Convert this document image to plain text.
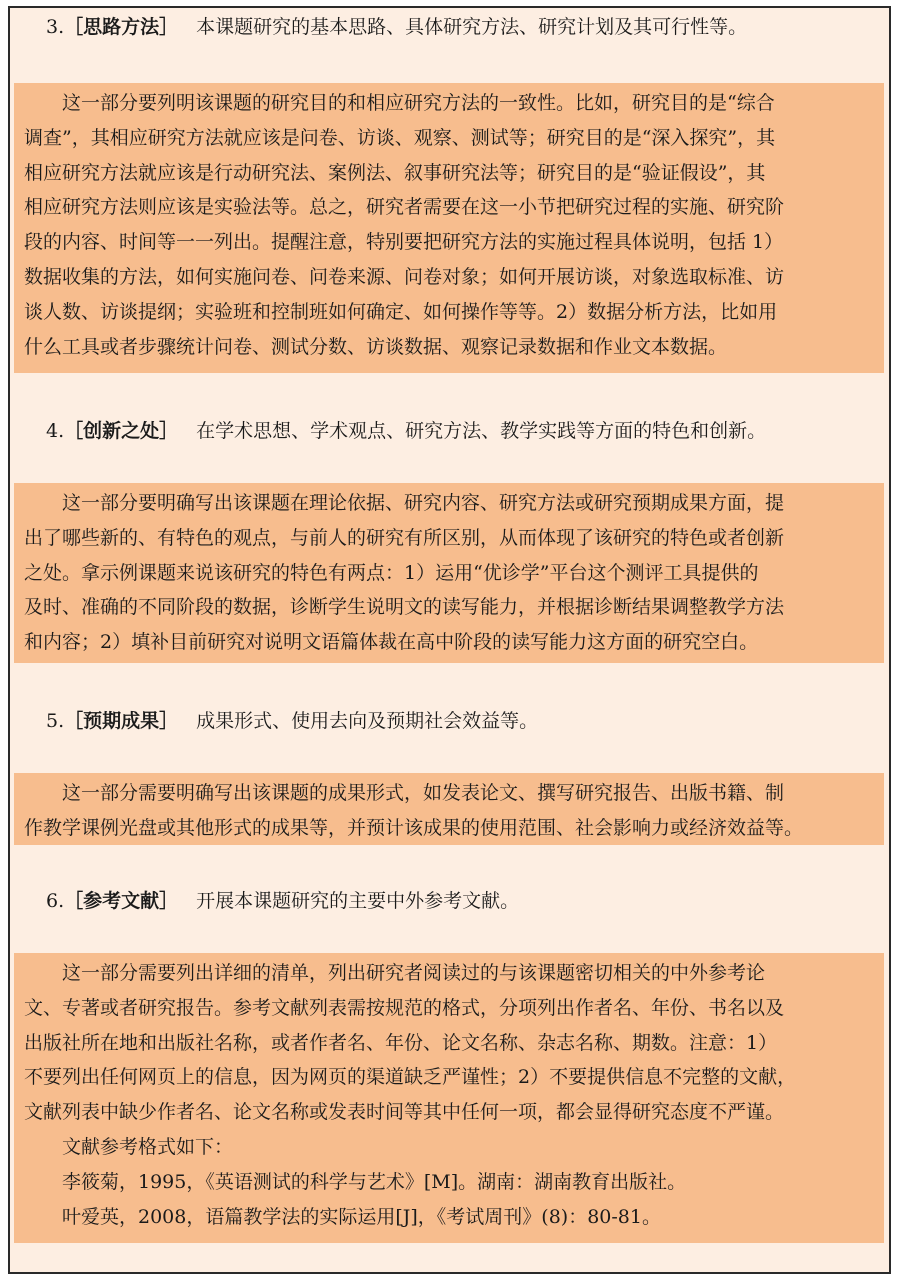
3.［思路方法］ 本课题研究的基本思路、具体研究方法、研究计划及其可行性等。
这一部分要列明该课题的研究目的和相应研究方法的一致性。比如，研究目的是“综合
调查”，其相应研究方法就应该是问卷、访谈、观察、测试等；研究目的是“深入探究”，其
相应研究方法就应该是行动研究法、案例法、叙事研究法等；研究目的是“验证假设”，其
相应研究方法则应该是实验法等。总之，研究者需要在这一小节把研究过程的实施、研究阶
段的内容、时间等一一列出。提醒注意，特别要把研究方法的实施过程具体说明，包括 1）
数据收集的方法，如何实施问卷、问卷来源、问卷对象；如何开展访谈，对象选取标准、访
谈人数、访谈提纲；实验班和控制班如何确定、如何操作等等。2）数据分析方法，比如用
什么工具或者步骤统计问卷、测试分数、访谈数据、观察记录数据和作业文本数据。
4.［创新之处］ 在学术思想、学术观点、研究方法、教学实践等方面的特色和创新。
这一部分要明确写出该课题在理论依据、研究内容、研究方法或研究预期成果方面，提
出了哪些新的、有特色的观点，与前人的研究有所区别，从而体现了该研究的特色或者创新
之处。拿示例课题来说该研究的特色有两点：1）运用“优诊学”平台这个测评工具提供的
及时、准确的不同阶段的数据，诊断学生说明文的读写能力，并根据诊断结果调整教学方法
和内容；2）填补目前研究对说明文语篇体裁在高中阶段的读写能力这方面的研究空白。
5.［预期成果］ 成果形式、使用去向及预期社会效益等。
这一部分需要明确写出该课题的成果形式，如发表论文、撰写研究报告、出版书籍、制
作教学课例光盘或其他形式的成果等，并预计该成果的使用范围、社会影响力或经济效益等。
6.［参考文献］ 开展本课题研究的主要中外参考文献。
这一部分需要列出详细的清单，列出研究者阅读过的与该课题密切相关的中外参考论
文、专著或者研究报告。参考文献列表需按规范的格式，分项列出作者名、年份、书名以及
出版社所在地和出版社名称，或者作者名、年份、论文名称、杂志名称、期数。注意：1）
不要列出任何网页上的信息，因为网页的渠道缺乏严谨性；2）不要提供信息不完整的文献，
文献列表中缺少作者名、论文名称或发表时间等其中任何一项，都会显得研究态度不严谨。
文献参考格式如下：
李筱菊，1995，《英语测试的科学与艺术》[M]。湖南：湖南教育出版社。
叶爱英，2008，语篇教学法的实际运用[J]，《考试周刊》(8)：80-81。
